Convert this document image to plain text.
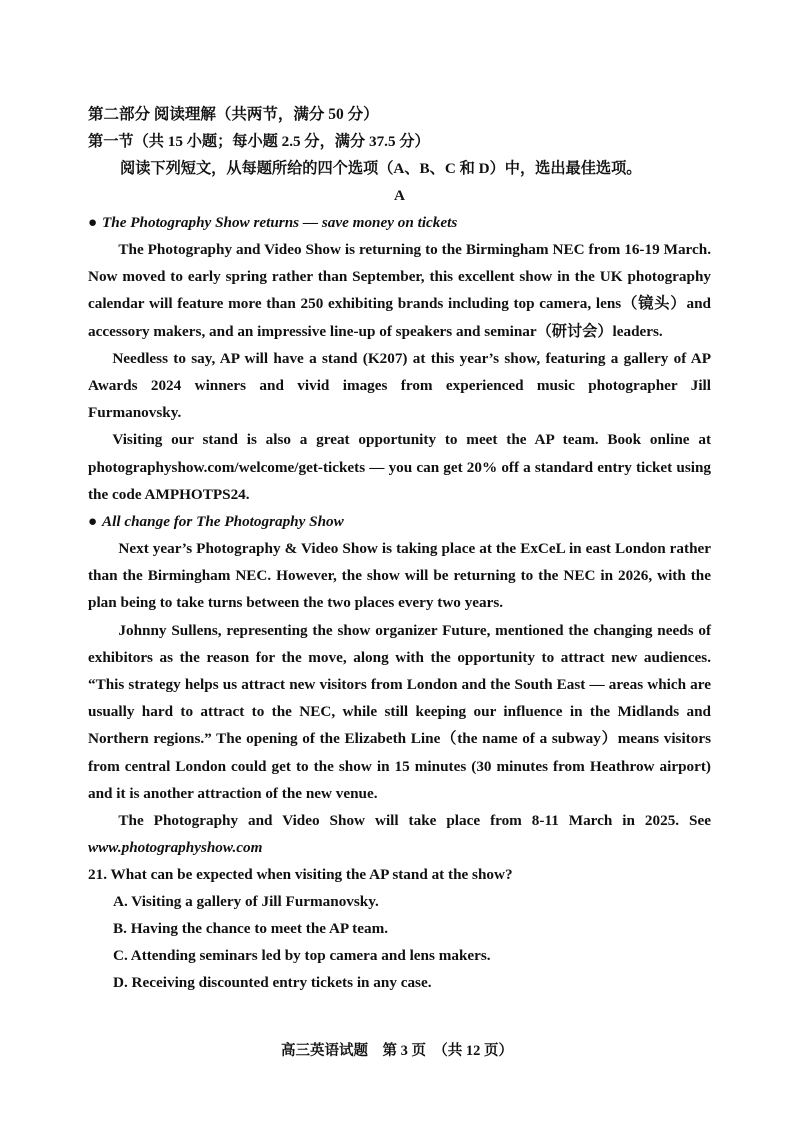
第二部分 阅读理解（共两节，满分 50 分）
第一节（共 15 小题；每小题 2.5 分，满分 37.5 分）
阅读下列短文，从每题所给的四个选项（A、B、C 和 D）中，选出最佳选项。
A
● The Photography Show returns — save money on tickets

The Photography and Video Show is returning to the Birmingham NEC from 16-19 March. Now moved to early spring rather than September, this excellent show in the UK photography calendar will feature more than 250 exhibiting brands including top camera, lens（镜头）and accessory makers, and an impressive line-up of speakers and seminar（研讨会）leaders.

Needless to say, AP will have a stand (K207) at this year’s show, featuring a gallery of AP Awards 2024 winners and vivid images from experienced music photographer Jill Furmanovsky.

Visiting our stand is also a great opportunity to meet the AP team. Book online at photographyshow.com/welcome/get-tickets — you can get 20% off a standard entry ticket using the code AMPHOTPS24.

● All change for The Photography Show

Next year’s Photography & Video Show is taking place at the ExCeL in east London rather than the Birmingham NEC. However, the show will be returning to the NEC in 2026, with the plan being to take turns between the two places every two years.

Johnny Sullens, representing the show organizer Future, mentioned the changing needs of exhibitors as the reason for the move, along with the opportunity to attract new audiences. “This strategy helps us attract new visitors from London and the South East — areas which are usually hard to attract to the NEC, while still keeping our influence in the Midlands and Northern regions.” The opening of the Elizabeth Line（the name of a subway）means visitors from central London could get to the show in 15 minutes (30 minutes from Heathrow airport) and it is another attraction of the new venue.

The Photography and Video Show will take place from 8-11 March in 2025. See www.photographyshow.com

21. What can be expected when visiting the AP stand at the show?
A. Visiting a gallery of Jill Furmanovsky.
B. Having the chance to meet the AP team.
C. Attending seminars led by top camera and lens makers.
D. Receiving discounted entry tickets in any case.
高三英语试题　第 3 页　（共 12 页）
